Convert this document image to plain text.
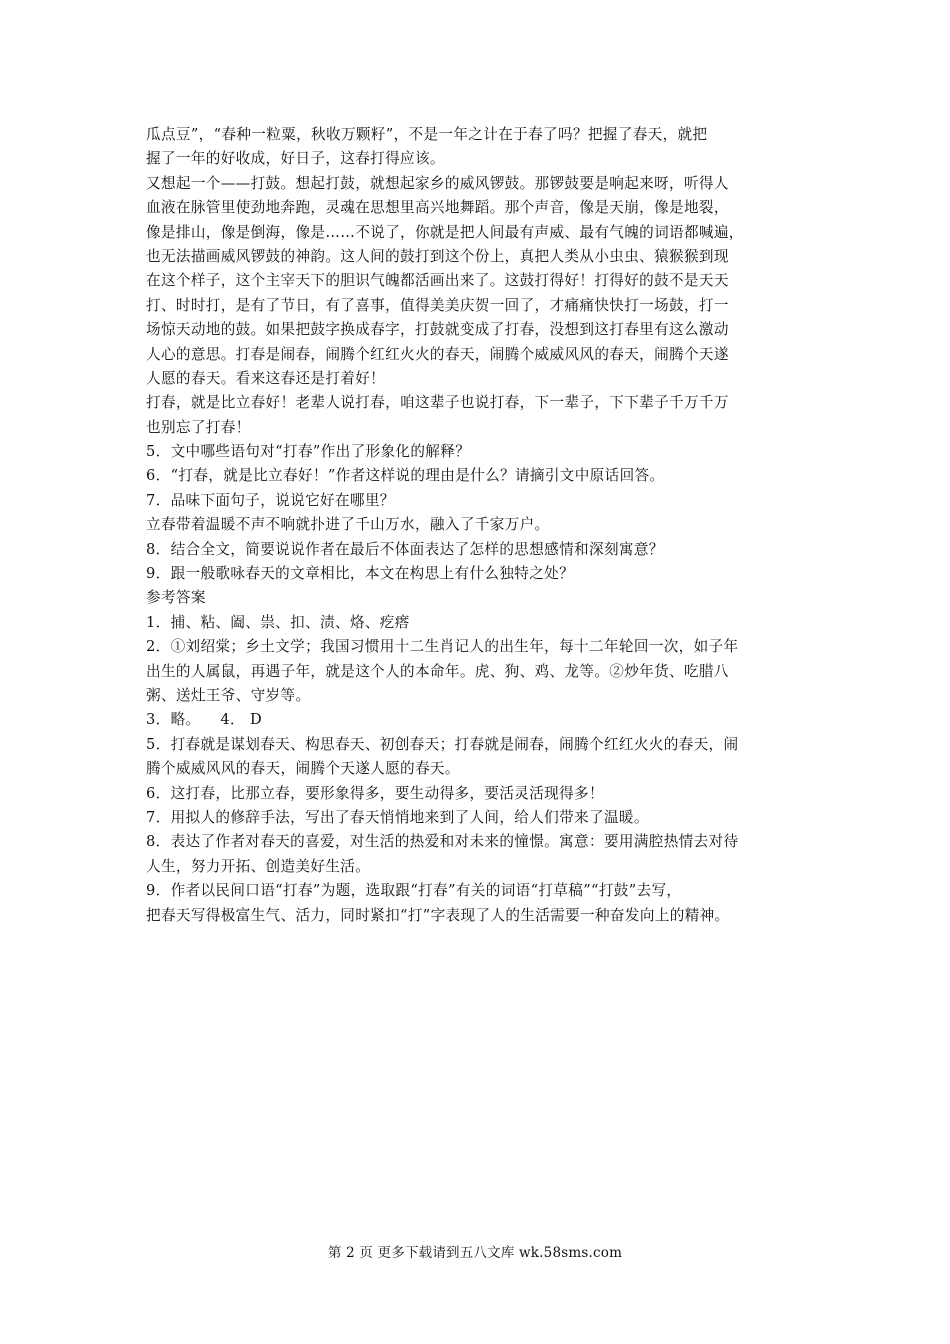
瓜点豆”，“春种一粒粟，秋收万颗籽”，不是一年之计在于春了吗？把握了春天，就把
握了一年的好收成，好日子，这春打得应该。

又想起一个——打鼓。想起打鼓，就想起家乡的威风锣鼓。那锣鼓要是响起来呀，听得人
血液在脉管里使劲地奔跑，灵魂在思想里高兴地舞蹈。那个声音，像是天崩，像是地裂，
像是排山，像是倒海，像是……不说了，你就是把人间最有声威、最有气魄的词语都喊遍，
也无法描画威风锣鼓的神韵。这人间的鼓打到这个份上，真把人类从小虫虫、猿猴猴到现
在这个样子，这个主宰天下的胆识气魄都活画出来了。这鼓打得好！打得好的鼓不是天天
打、时时打，是有了节日，有了喜事，值得美美庆贺一回了，才痛痛快快打一场鼓，打一
场惊天动地的鼓。如果把鼓字换成春字，打鼓就变成了打春，没想到这打春里有这么激动
人心的意思。打春是闹春，闹腾个红红火火的春天，闹腾个威威风风的春天，闹腾个天遂
人愿的春天。看来这春还是打着好！

打春，就是比立春好！老辈人说打春，咱这辈子也说打春，下一辈子，下下辈子千万千万
也别忘了打春！

5．文中哪些语句对“打春”作出了形象化的解释？

6．“打春，就是比立春好！”作者这样说的理由是什么？请摘引文中原话回答。

7．品味下面句子，说说它好在哪里？

立春带着温暖不声不响就扑进了千山万水，融入了千家万户。

8．结合全文，简要说说作者在最后不体面表达了怎样的思想感情和深刻寓意？

9．跟一般歌咏春天的文章相比，本文在构思上有什么独特之处？

参考答案

1．捕、粘、阖、祟、扣、渍、烙、疙瘩

2．①刘绍棠；乡土文学；我国习惯用十二生肖记人的出生年，每十二年轮回一次，如子年
出生的人属鼠，再遇子年，就是这个人的本命年。虎、狗、鸡、龙等。②炒年货、吃腊八
粥、送灶王爷、守岁等。

3．略。    4． D

5．打春就是谋划春天、构思春天、初创春天；打春就是闹春，闹腾个红红火火的春天，闹
腾个威威风风的春天，闹腾个天遂人愿的春天。

6．这打春，比那立春，要形象得多，要生动得多，要活灵活现得多！

7．用拟人的修辞手法，写出了春天悄悄地来到了人间，给人们带来了温暖。

8．表达了作者对春天的喜爱，对生活的热爱和对未来的憧憬。寓意：要用满腔热情去对待
人生，努力开拓、创造美好生活。

9．作者以民间口语“打春”为题，选取跟“打春”有关的词语“打草稿”“打鼓”去写，
把春天写得极富生气、活力，同时紧扣“打”字表现了人的生活需要一种奋发向上的精神。

第 2 页 更多下载请到五八文库 wk.58sms.com
